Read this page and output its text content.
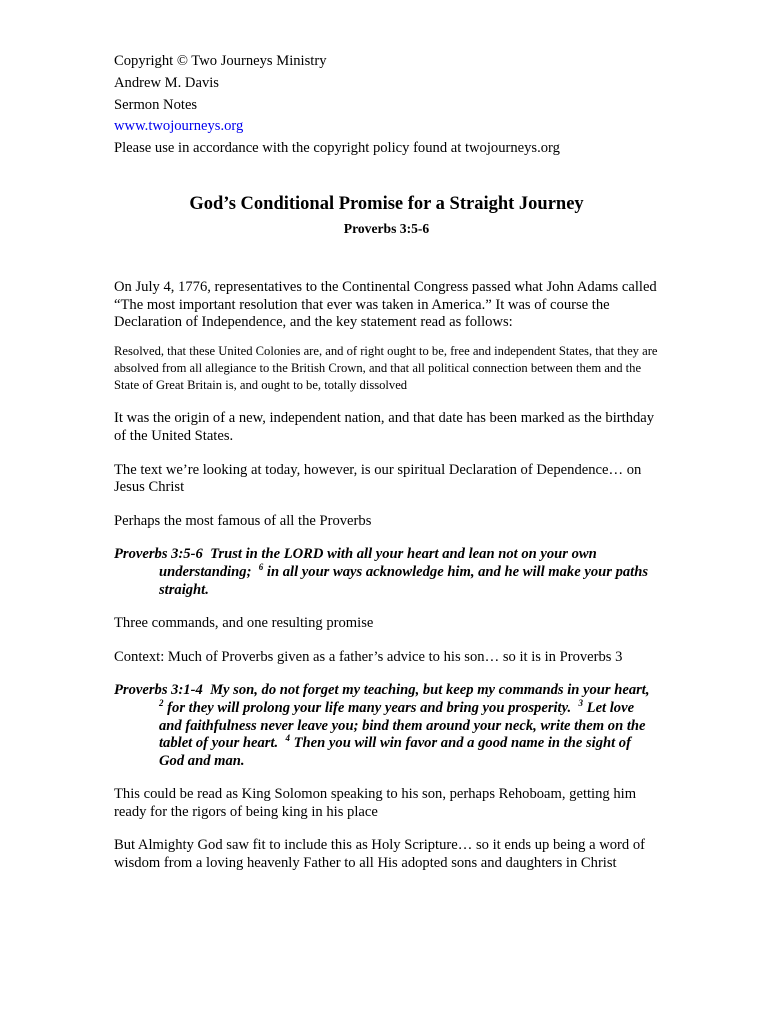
Copyright © Two Journeys Ministry
Andrew M. Davis
Sermon Notes
www.twojourneys.org
Please use in accordance with the copyright policy found at twojourneys.org
God’s Conditional Promise for a Straight Journey
Proverbs 3:5-6

On July 4, 1776, representatives to the Continental Congress passed what John Adams called “The most important resolution that ever was taken in America.” It was of course the Declaration of Independence, and the key statement read as follows:

Resolved, that these United Colonies are, and of right ought to be, free and independent States, that they are absolved from all allegiance to the British Crown, and that all political connection between them and the State of Great Britain is, and ought to be, totally dissolved

It was the origin of a new, independent nation, and that date has been marked as the birthday of the United States.

The text we’re looking at today, however, is our spiritual Declaration of Dependence… on Jesus Christ

Perhaps the most famous of all the Proverbs

Proverbs 3:5-6 Trust in the LORD with all your heart and lean not on your own understanding; $^6$ in all your ways acknowledge him, and he will make your paths straight.

Three commands, and one resulting promise

Context: Much of Proverbs given as a father’s advice to his son… so it is in Proverbs 3

Proverbs 3:1-4 My son, do not forget my teaching, but keep my commands in your heart,  $^2$ for they will prolong your life many years and bring you prosperity. $^3$ Let love and faithfulness never leave you; bind them around your neck, write them on the tablet of your heart. $^4$ Then you will win favor and a good name in the sight of God and man.

This could be read as King Solomon speaking to his son, perhaps Rehoboam, getting him ready for the rigors of being king in his place

But Almighty God saw fit to include this as Holy Scripture… so it ends up being a word of wisdom from a loving heavenly Father to all His adopted sons and daughters in Christ
